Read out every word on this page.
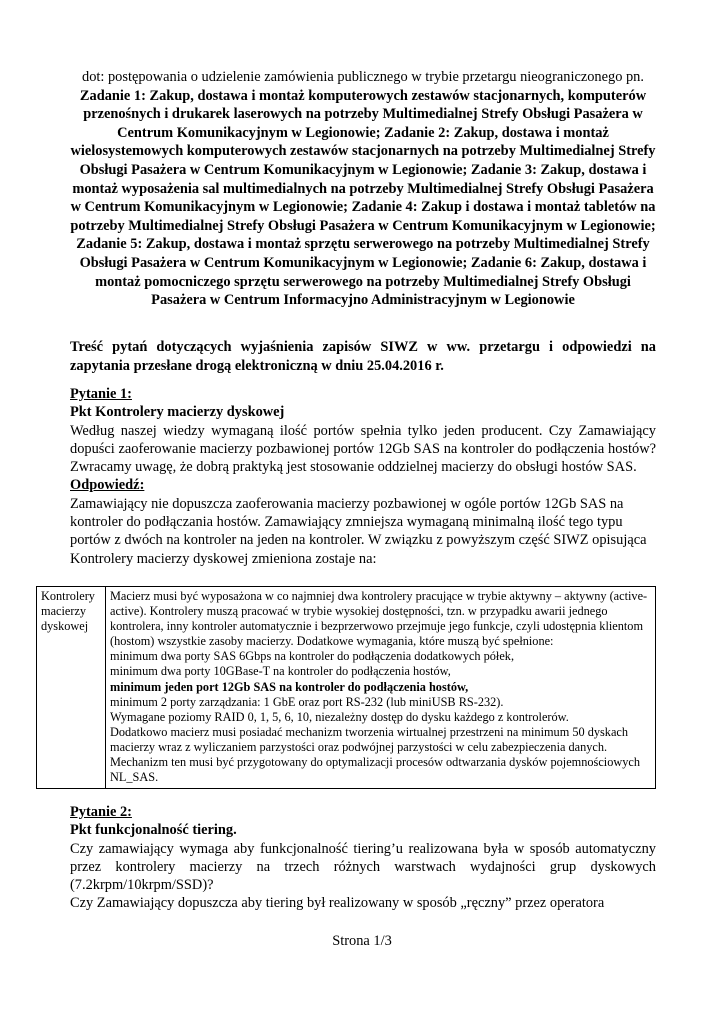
dot: postępowania o udzielenie zamówienia publicznego w trybie przetargu nieograniczonego pn. Zadanie 1: Zakup, dostawa i montaż komputerowych zestawów stacjonarnych, komputerów przenośnych i drukarek laserowych na potrzeby Multimedialnej Strefy Obsługi Pasażera w Centrum Komunikacyjnym w Legionowie; Zadanie 2: Zakup, dostawa i montaż wielosystemowych komputerowych zestawów stacjonarnych na potrzeby Multimedialnej Strefy Obsługi Pasażera w Centrum Komunikacyjnym w Legionowie; Zadanie 3: Zakup, dostawa i montaż wyposażenia sal multimedialnych na potrzeby Multimedialnej Strefy Obsługi Pasażera w Centrum Komunikacyjnym w Legionowie; Zadanie 4: Zakup i dostawa i montaż tabletów na potrzeby Multimedialnej Strefy Obsługi Pasażera w Centrum Komunikacyjnym w Legionowie; Zadanie 5: Zakup, dostawa i montaż sprzętu serwerowego na potrzeby Multimedialnej Strefy Obsługi Pasażera w Centrum Komunikacyjnym w Legionowie; Zadanie 6: Zakup, dostawa i montaż pomocniczego sprzętu serwerowego na potrzeby Multimedialnej Strefy Obsługi Pasażera w Centrum Informacyjno Administracyjnym w Legionowie
Treść pytań dotyczących wyjaśnienia zapisów SIWZ w ww. przetargu i odpowiedzi na zapytania przesłane drogą elektroniczną w dniu 25.04.2016 r.
Pytanie 1:
Pkt Kontrolery macierzy dyskowej
Według naszej wiedzy wymaganą ilość portów spełnia tylko jeden producent. Czy Zamawiający dopuści zaoferowanie macierzy pozbawionej portów 12Gb SAS na kontroler do podłączenia hostów? Zwracamy uwagę, że dobrą praktyką jest stosowanie oddzielnej macierzy do obsługi hostów SAS.
Odpowiedź:
Zamawiający nie dopuszcza zaoferowania macierzy pozbawionej w ogóle portów 12Gb SAS na kontroler do podłączania hostów. Zamawiający zmniejsza wymaganą minimalną ilość tego typu portów z dwóch na kontroler na jeden na kontroler. W związku z powyższym część SIWZ opisująca Kontrolery macierzy dyskowej zmieniona zostaje na:
Kontrolery macierzy dyskowej	
Macierz musi być wyposażona w co najmniej dwa kontrolery pracujące w trybie aktywny – aktywny (active-active). Kontrolery muszą pracować w trybie wysokiej dostępności, tzn. w przypadku awarii jednego kontrolera, inny kontroler automatycznie i bezprzerwowo przejmuje jego funkcje, czyli udostępnia klientom (hostom) wszystkie zasoby macierzy. Dodatkowe wymagania, które muszą być spełnione:
minimum dwa porty SAS 6Gbps na kontroler do podłączenia dodatkowych półek,
minimum dwa porty 10GBase-T na kontroler do podłączenia hostów,
minimum jeden port 12Gb SAS na kontroler do podłączenia hostów,
minimum 2 porty zarządzania: 1 GbE oraz port RS-232 (lub miniUSB RS-232).
Wymagane poziomy RAID 0, 1, 5, 6, 10, niezależny dostęp do dysku każdego z kontrolerów.
Dodatkowo macierz musi posiadać mechanizm tworzenia wirtualnej przestrzeni na minimum 50 dyskach macierzy wraz z wyliczaniem parzystości oraz podwójnej parzystości w celu zabezpieczenia danych. Mechanizm ten musi być przygotowany do optymalizacji procesów odtwarzania dysków pojemnościowych NL_SAS.
Pytanie 2:
Pkt funkcjonalność tiering.
Czy zamawiający wymaga aby funkcjonalność tiering’u realizowana była w sposób automatyczny przez kontrolery macierzy na trzech różnych warstwach wydajności grup dyskowych (7.2krpm/10krpm/SSD)?
Czy Zamawiający dopuszcza aby tiering był realizowany w sposób „ręczny” przez operatora
Strona 1/3
